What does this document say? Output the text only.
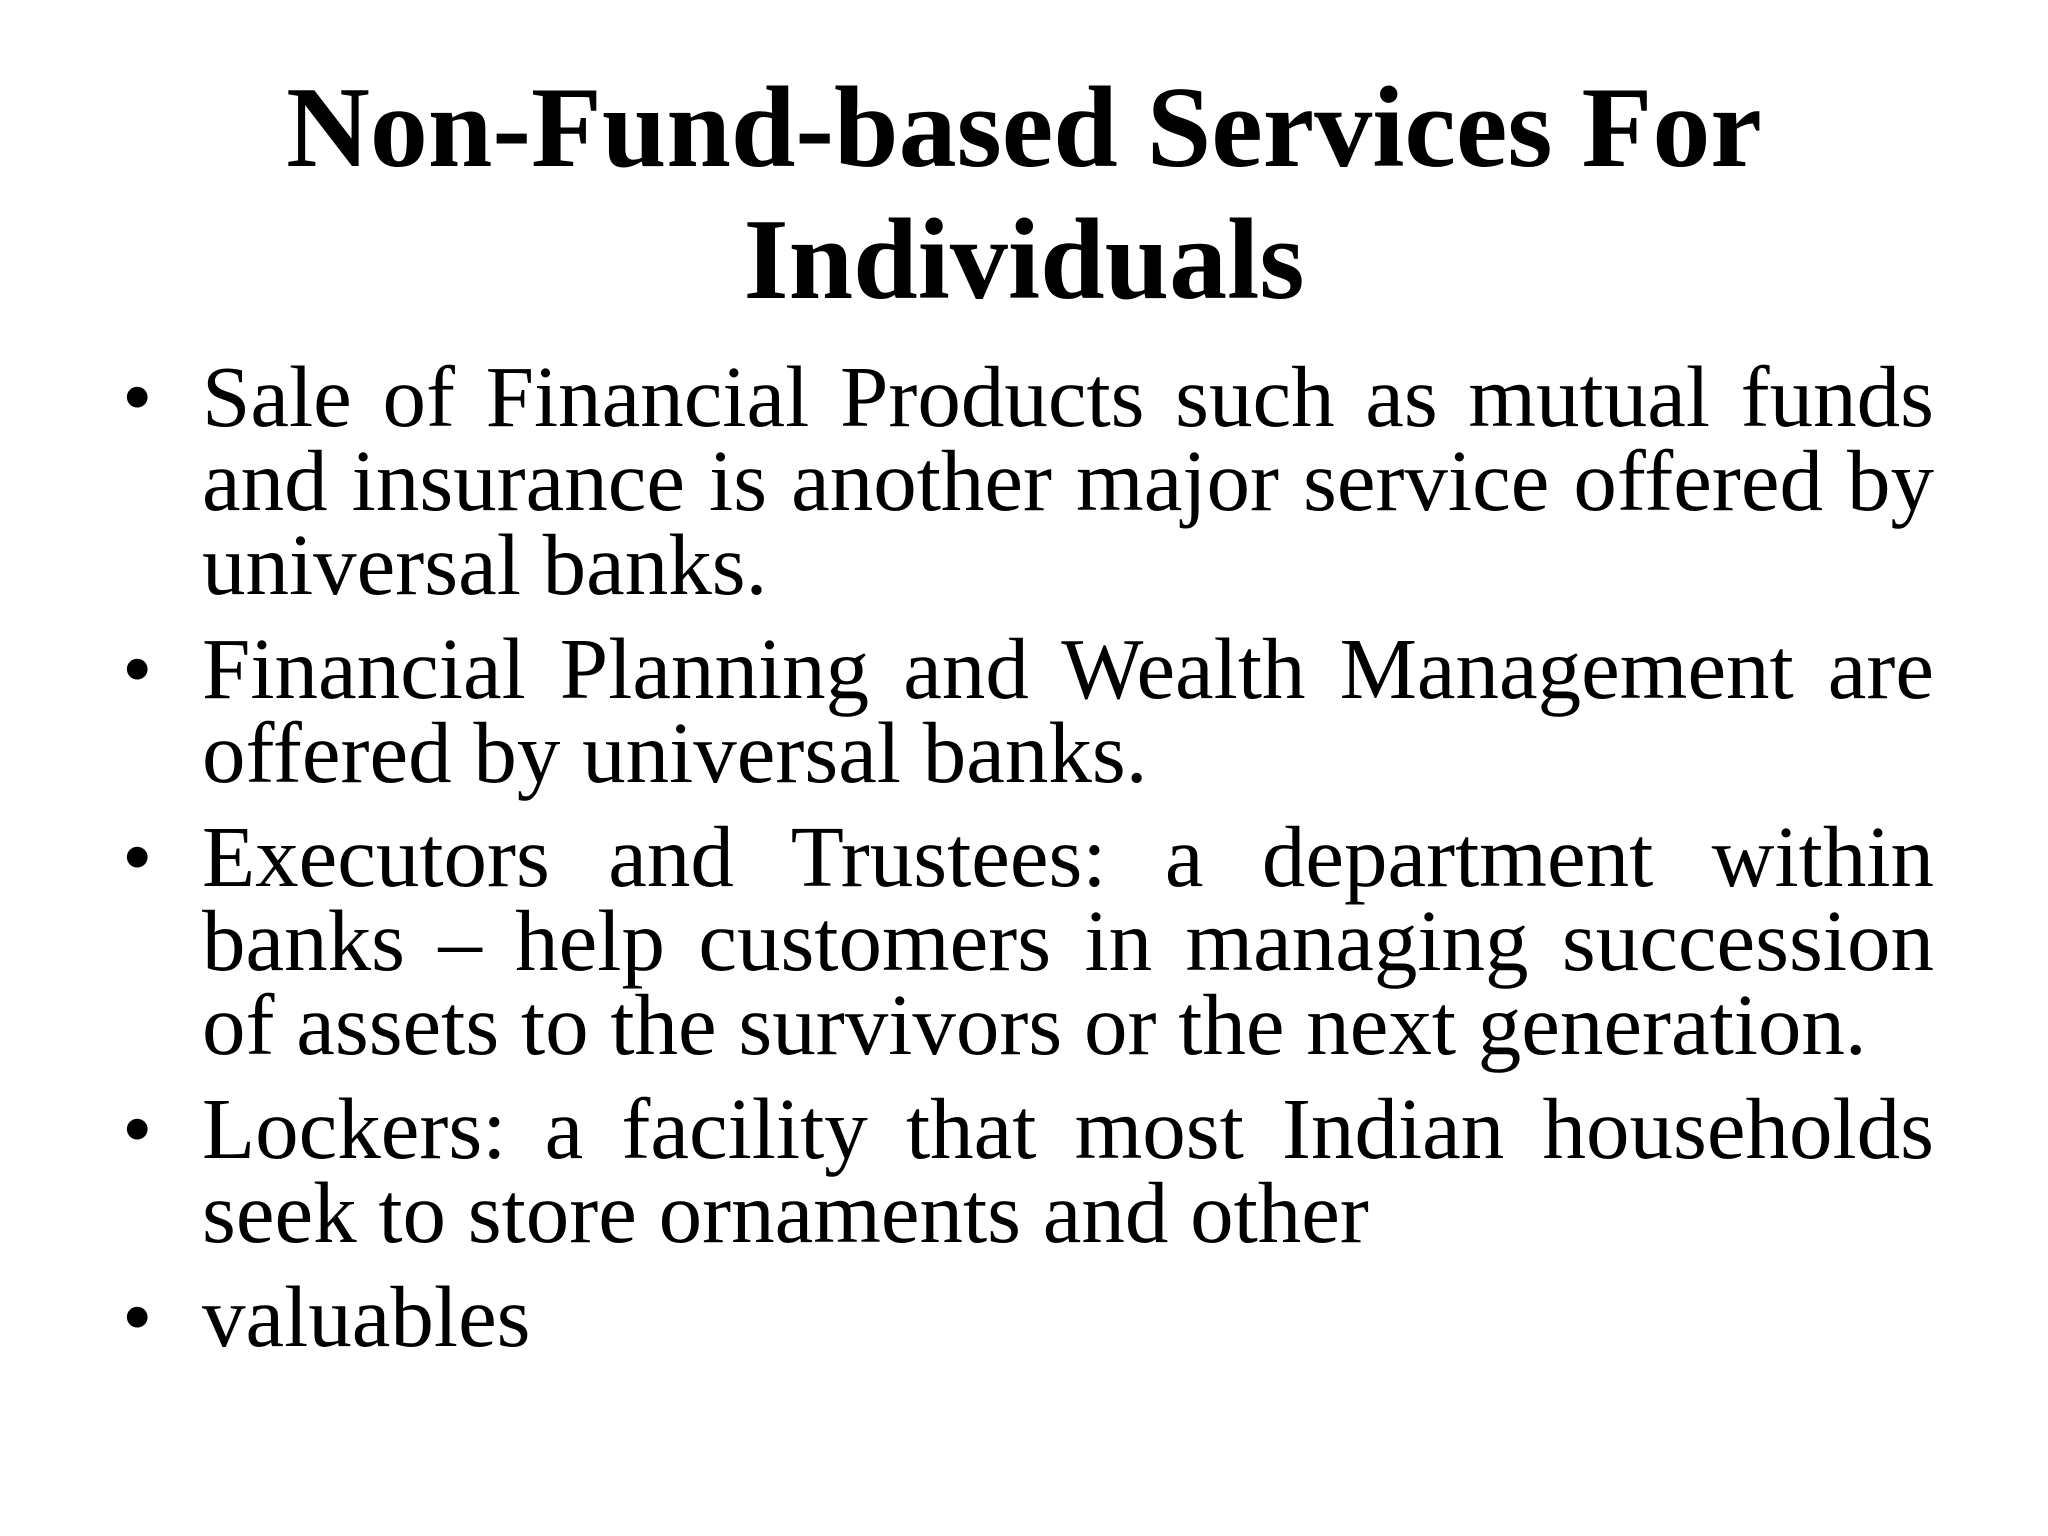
Non-Fund-based Services For Individuals
• Sale of Financial Products such as mutual funds and insurance is another major service offered by universal banks.
• Financial Planning and Wealth Management are offered by universal banks.
• Executors and Trustees: a department within banks – help customers in managing succession of assets to the survivors or the next generation.
• Lockers: a facility that most Indian households seek to store ornaments and other
• valuables
